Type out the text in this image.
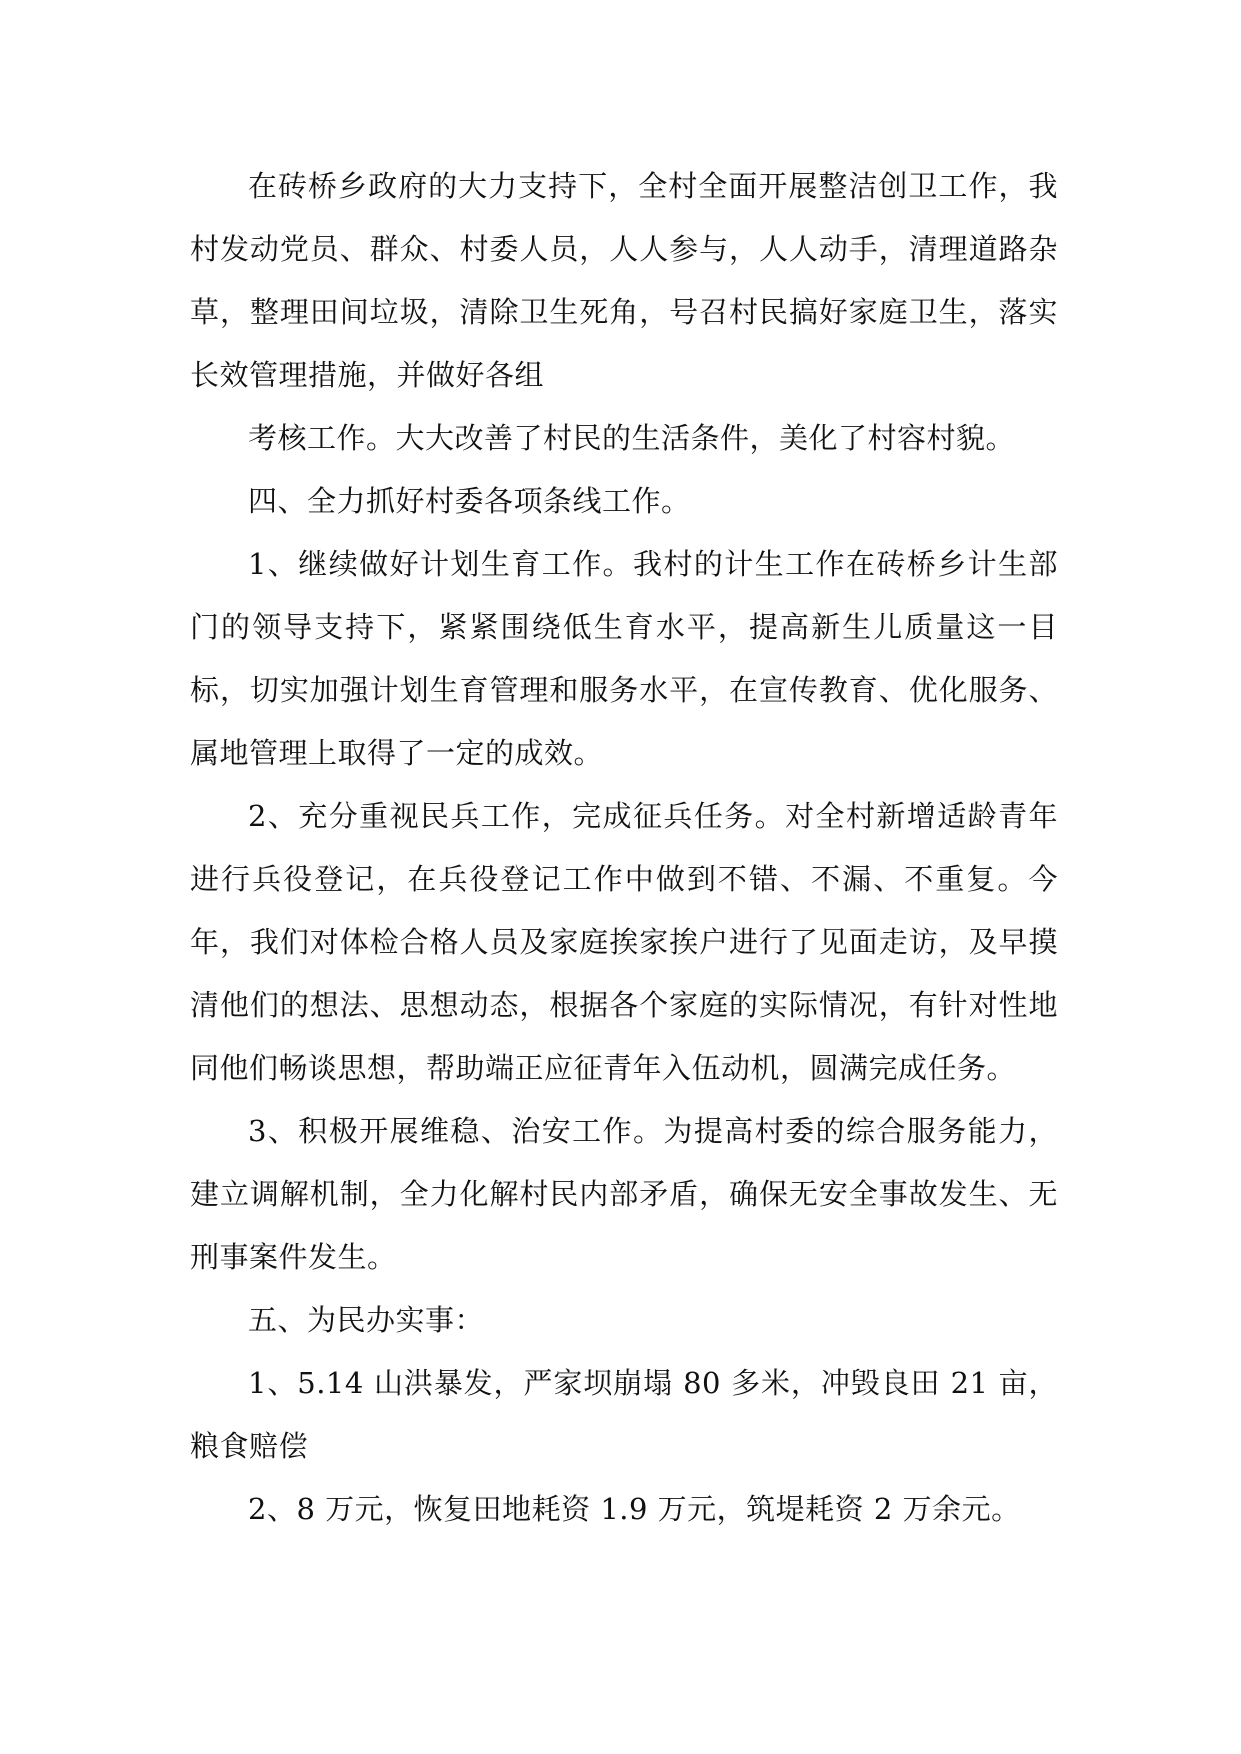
在砖桥乡政府的大力支持下，全村全面开展整洁创卫工作，我村发动党员、群众、村委人员，人人参与，人人动手，清理道路杂草，整理田间垃圾，清除卫生死角，号召村民搞好家庭卫生，落实长效管理措施，并做好各组

考核工作。大大改善了村民的生活条件，美化了村容村貌。

四、全力抓好村委各项条线工作。

1、继续做好计划生育工作。我村的计生工作在砖桥乡计生部门的领导支持下，紧紧围绕低生育水平，提高新生儿质量这一目标，切实加强计划生育管理和服务水平，在宣传教育、优化服务、属地管理上取得了一定的成效。

2、充分重视民兵工作，完成征兵任务。对全村新增适龄青年进行兵役登记，在兵役登记工作中做到不错、不漏、不重复。今年，我们对体检合格人员及家庭挨家挨户进行了见面走访，及早摸清他们的想法、思想动态，根据各个家庭的实际情况，有针对性地同他们畅谈思想，帮助端正应征青年入伍动机，圆满完成任务。

3、积极开展维稳、治安工作。为提高村委的综合服务能力，建立调解机制，全力化解村民内部矛盾，确保无安全事故发生、无刑事案件发生。

五、为民办实事：

1、5.14 山洪暴发，严家坝崩塌 80 多米，冲毁良田 21 亩，粮食赔偿

2、8 万元，恢复田地耗资 1.9 万元，筑堤耗资 2 万余元。
